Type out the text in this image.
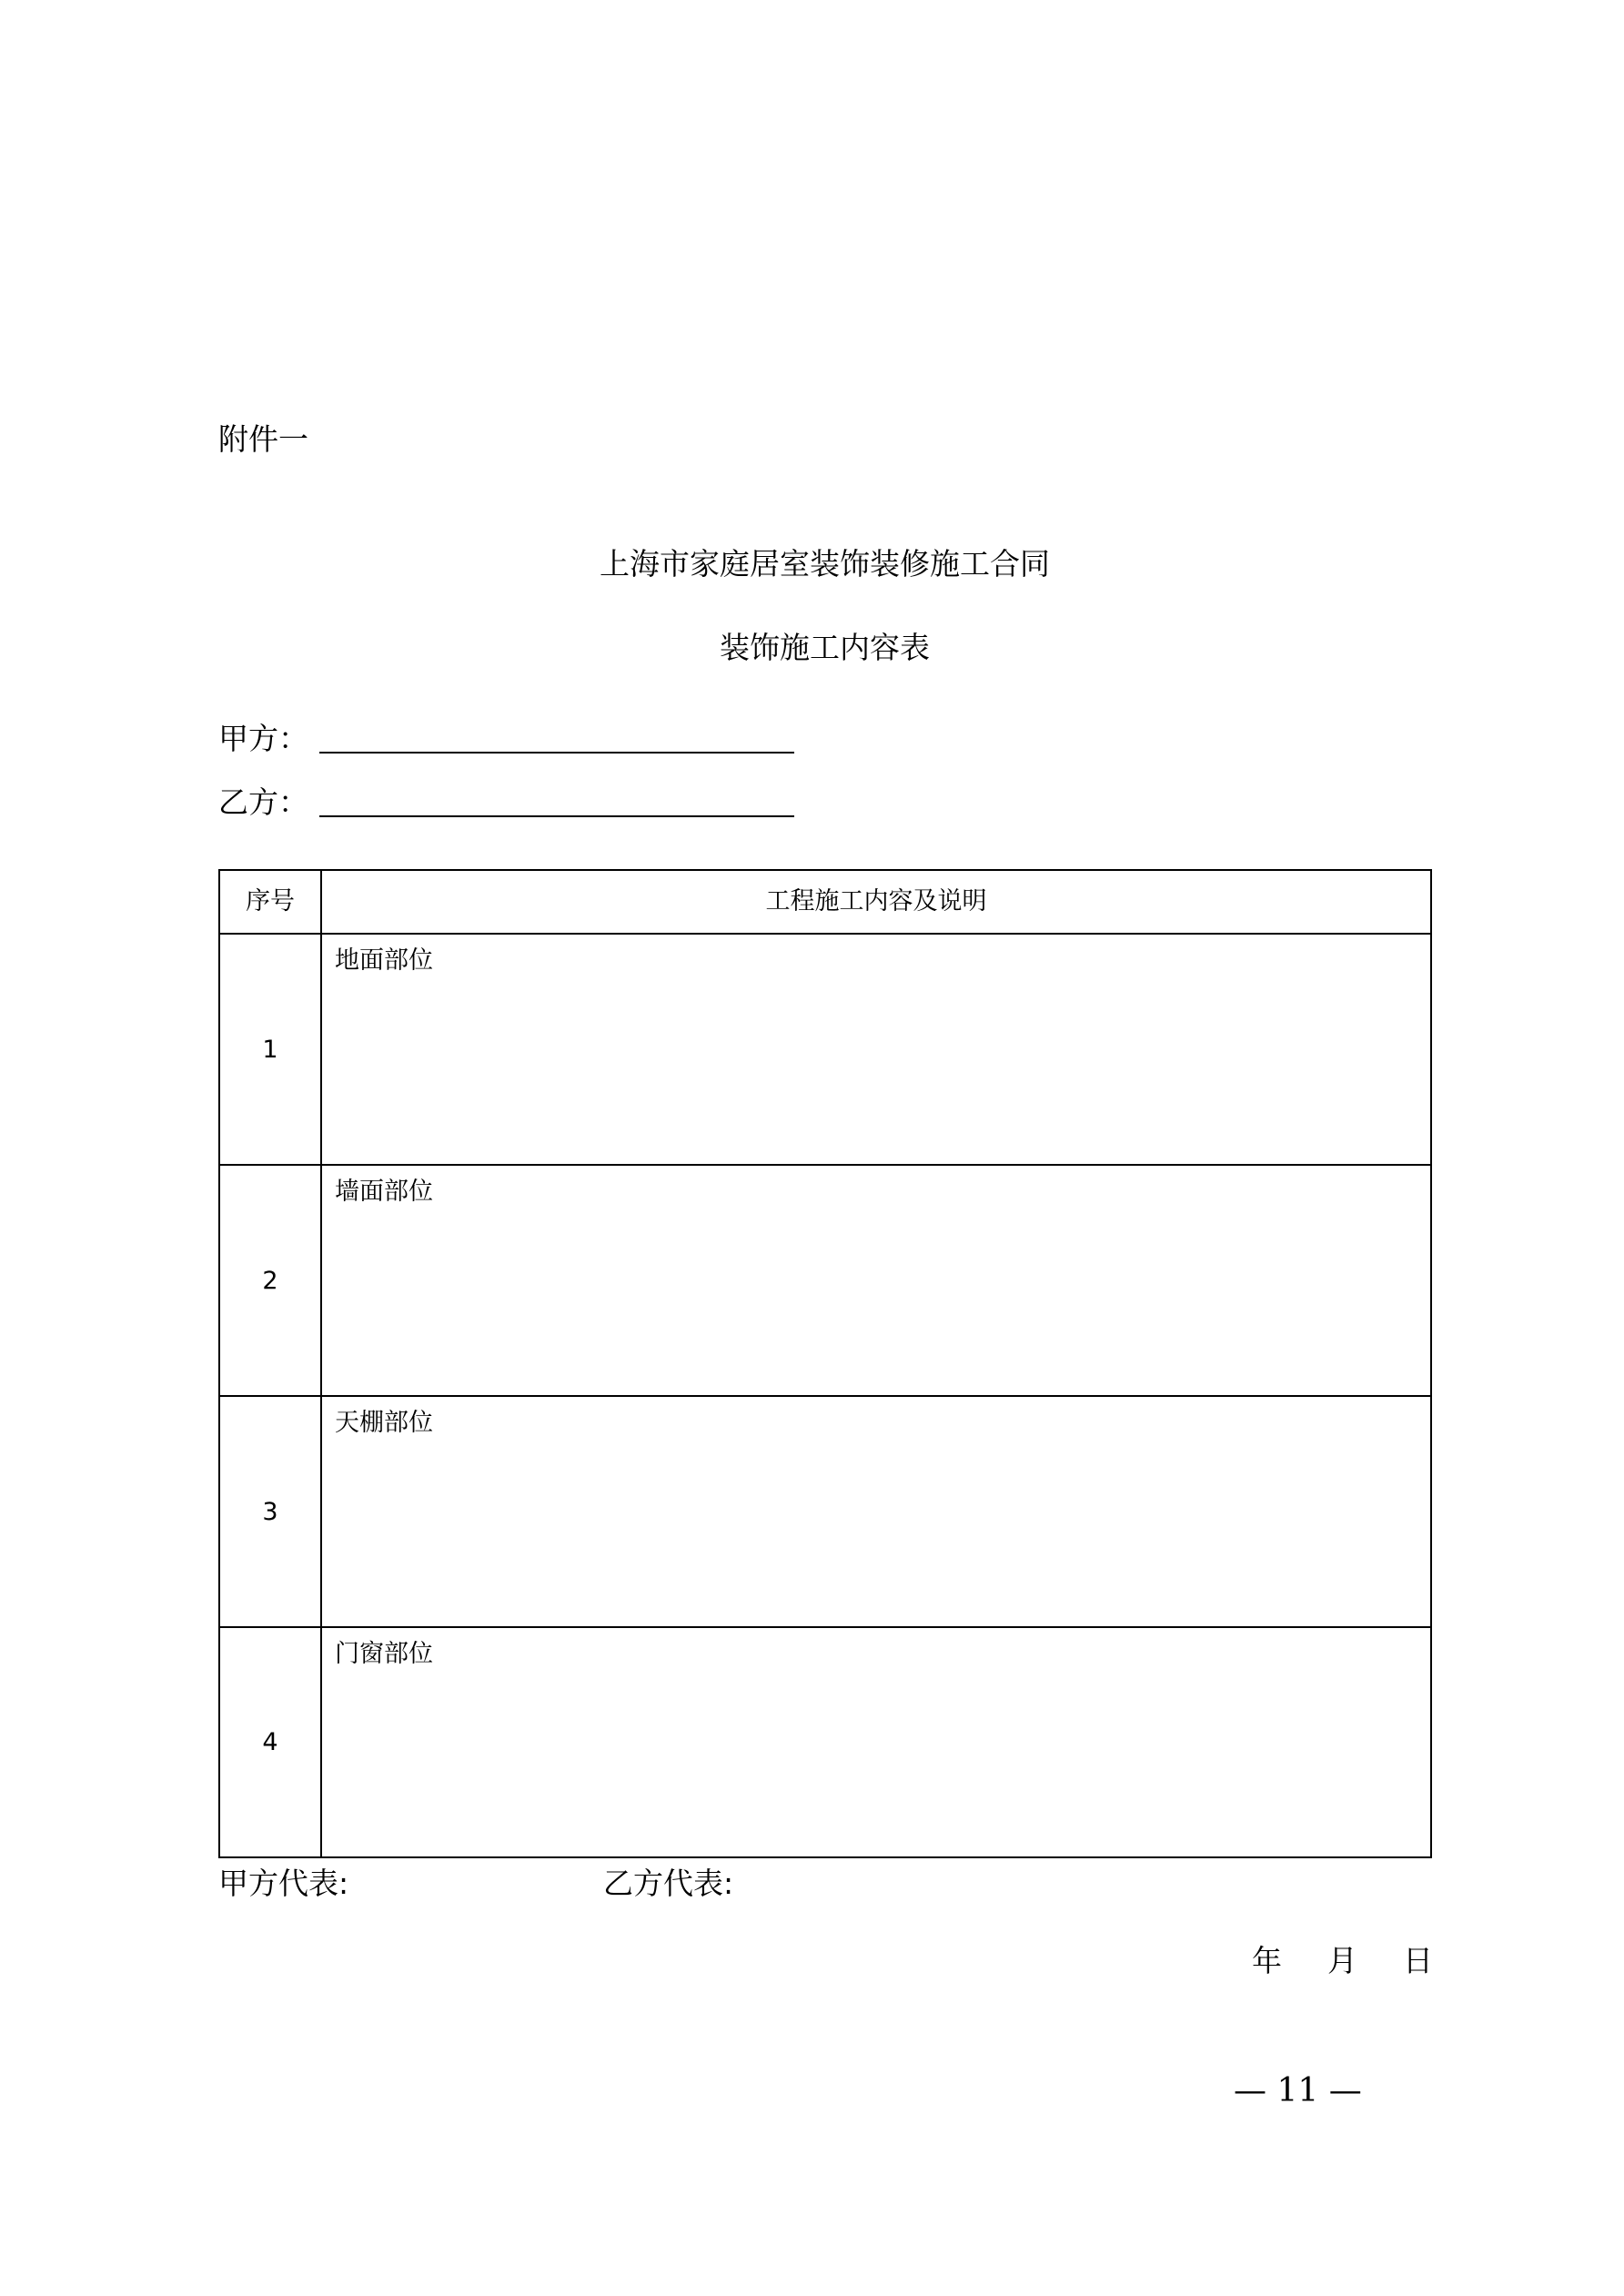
附件一
上海市家庭居室装饰装修施工合同
装饰施工内容表
甲方：
乙方：
序号	工程施工内容及说明
1
地面部位
2
墙面部位
3
天棚部位
4
门窗部位
甲方代表:	乙方代表:
年 月 日
— 11 —
